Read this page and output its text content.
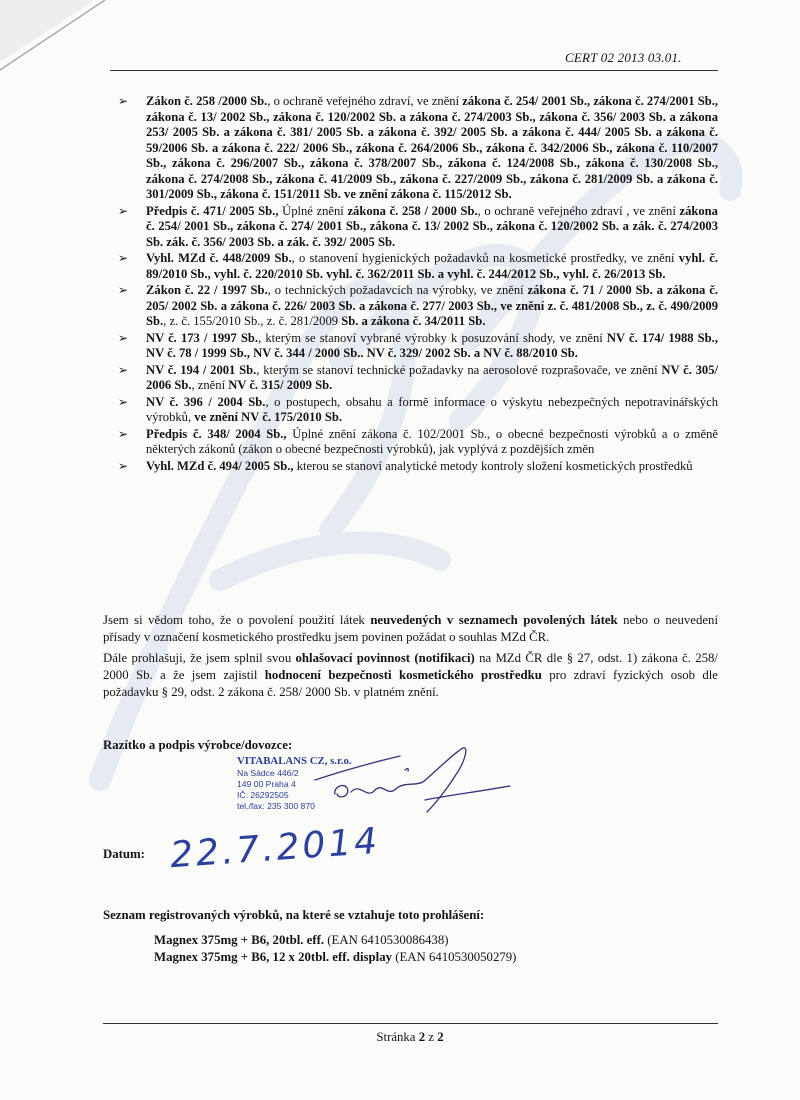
CERT 02 2013 03.01.
➢ Zákon č. 258 /2000 Sb., o ochraně veřejného zdraví, ve znění zákona č. 254/ 2001 Sb., zákona č. 274/2001 Sb., zákona č. 13/ 2002 Sb., zákona č. 120/2002 Sb. a zákona č. 274/2003 Sb., zákona č. 356/ 2003 Sb. a zákona 253/ 2005 Sb. a zákona č. 381/ 2005 Sb. a zákona č. 392/ 2005 Sb. a zákona č. 444/ 2005 Sb. a zákona č. 59/2006 Sb. a zákona č. 222/ 2006 Sb., zákona č. 264/2006 Sb., zákona č. 342/2006 Sb., zákona č. 110/2007 Sb., zákona č. 296/2007 Sb., zákona č. 378/2007 Sb., zákona č. 124/2008 Sb., zákona č. 130/2008 Sb., zákona č. 274/2008 Sb., zákona č. 41/2009 Sb., zákona č. 227/2009 Sb., zákona č. 281/2009 Sb. a zákona č. 301/2009 Sb., zákona č. 151/2011 Sb. ve znění zákona č. 115/2012 Sb.
➢ Předpis č. 471/ 2005 Sb., Úplné znění zákona č. 258 / 2000 Sb., o ochraně veřejného zdraví , ve znění zákona č. 254/ 2001 Sb., zákona č. 274/ 2001 Sb., zákona č. 13/ 2002 Sb., zákona č. 120/2002 Sb. a zák. č. 274/2003 Sb. zák. č. 356/ 2003 Sb. a zák. č. 392/ 2005 Sb.
➢ Vyhl. MZd č. 448/2009 Sb., o stanovení hygienických požadavků na kosmetické prostředky, ve znění vyhl. č. 89/2010 Sb., vyhl. č. 220/2010 Sb. vyhl. č. 362/2011 Sb. a vyhl. č. 244/2012 Sb., vyhl. č. 26/2013 Sb.
➢ Zákon č. 22 / 1997 Sb., o technických požadavcích na výrobky, ve znění zákona č. 71 / 2000 Sb. a zákona č. 205/ 2002 Sb. a zákona č. 226/ 2003 Sb. a zákona č. 277/ 2003 Sb., ve znění z. č. 481/2008 Sb., z. č. 490/2009 Sb., z. č. 155/2010 Sb., z. č. 281/2009 Sb. a zákona č. 34/2011 Sb.
➢ NV č. 173 / 1997 Sb., kterým se stanoví vybrané výrobky k posuzování shody, ve znění NV č. 174/ 1988 Sb., NV č. 78 / 1999 Sb., NV č. 344 / 2000 Sb.. NV č. 329/ 2002 Sb. a NV č. 88/2010 Sb.
➢ NV č. 194 / 2001 Sb., kterým se stanoví technické požadavky na aerosolové rozprašovače, ve znění NV č. 305/ 2006 Sb., znění NV č. 315/ 2009 Sb.
➢ NV č. 396 / 2004 Sb., o postupech, obsahu a formě informace o výskytu nebezpečných nepotravinářských výrobků, ve znění NV č. 175/2010 Sb.
➢ Předpis č. 348/ 2004 Sb., Úplné znění zákona č. 102/2001 Sb., o obecné bezpečnosti výrobků a o změně některých zákonů (zákon o obecné bezpečnosti výrobků), jak vyplývá z pozdějších změn
➢ Vyhl. MZd č. 494/ 2005 Sb., kterou se stanoví analytické metody kontroly složení kosmetických prostředků

Jsem si vědom toho, že o povolení použití látek neuvedených v seznamech povolených látek nebo o neuvedení přísady v označení kosmetického prostředku jsem povinen požádat o souhlas MZd ČR.

Dále prohlašuji, že jsem splnil svou ohlašovací povinnost (notifikaci) na MZd ČR dle § 27, odst. 1) zákona č. 258/ 2000 Sb. a že jsem zajistil hodnocení bezpečnosti kosmetického prostředku pro zdraví fyzických osob dle požadavku § 29, odst. 2 zákona č. 258/ 2000 Sb. v platném znění.

Razítko a podpis výrobce/dovozce:
VITABALANS CZ, s.r.o.
Na Sádce 446/2
149 00 Praha 4
IČ: 26292505
tel./fax: 235 300 870
Datum: 22.7.2014
Seznam registrovaných výrobků, na které se vztahuje toto prohlášení:
Magnex 375mg + B6, 20tbl. eff. (EAN 6410530086438)
Magnex 375mg + B6, 12 x 20tbl. eff. display (EAN 6410530050279)
Stránka 2 z 2
